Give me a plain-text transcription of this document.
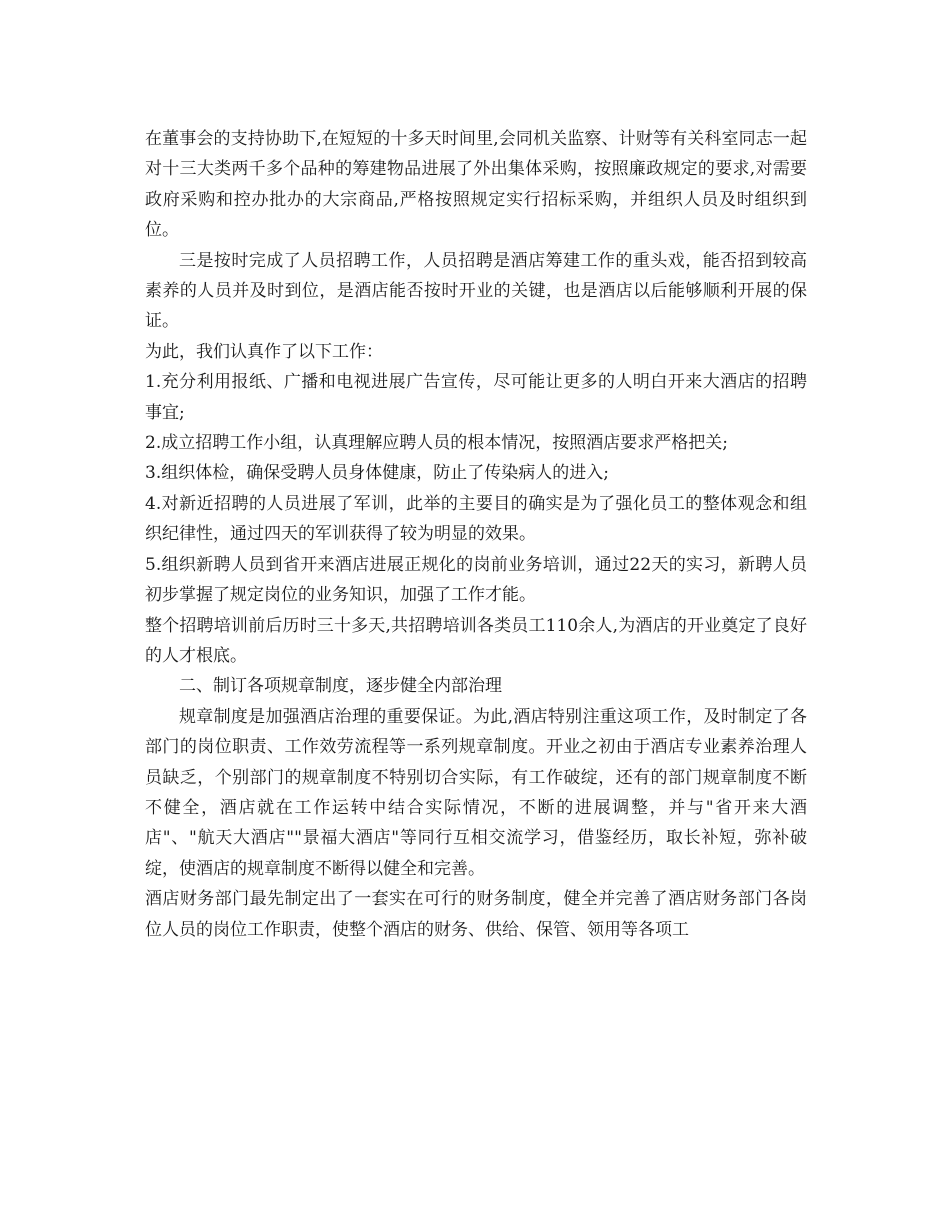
在董事会的支持协助下,在短短的十多天时间里,会同机关监察、计财等有关科室同志一起对十三大类两千多个品种的筹建物品进展了外出集体采购，按照廉政规定的要求,对需要政府采购和控办批办的大宗商品,严格按照规定实行招标采购，并组织人员及时组织到位。

三是按时完成了人员招聘工作，人员招聘是酒店筹建工作的重头戏，能否招到较高素养的人员并及时到位，是酒店能否按时开业的关键，也是酒店以后能够顺利开展的保证。

为此，我们认真作了以下工作：

1.充分利用报纸、广播和电视进展广告宣传，尽可能让更多的人明白开来大酒店的招聘事宜;

2.成立招聘工作小组，认真理解应聘人员的根本情况，按照酒店要求严格把关;

3.组织体检，确保受聘人员身体健康，防止了传染病人的进入;

4.对新近招聘的人员进展了军训，此举的主要目的确实是为了强化员工的整体观念和组织纪律性，通过四天的军训获得了较为明显的效果。

5.组织新聘人员到省开来酒店进展正规化的岗前业务培训，通过22天的实习，新聘人员初步掌握了规定岗位的业务知识，加强了工作才能。

整个招聘培训前后历时三十多天,共招聘培训各类员工110余人,为酒店的开业奠定了良好的人才根底。

二、制订各项规章制度，逐步健全内部治理

规章制度是加强酒店治理的重要保证。为此,酒店特别注重这项工作，及时制定了各部门的岗位职责、工作效劳流程等一系列规章制度。开业之初由于酒店专业素养治理人员缺乏，个别部门的规章制度不特别切合实际，有工作破绽，还有的部门规章制度不断不健全，酒店就在工作运转中结合实际情况，不断的进展调整，并与"省开来大酒店"、"航天大酒店""景福大酒店"等同行互相交流学习，借鉴经历，取长补短，弥补破绽，使酒店的规章制度不断得以健全和完善。

酒店财务部门最先制定出了一套实在可行的财务制度，健全并完善了酒店财务部门各岗位人员的岗位工作职责，使整个酒店的财务、供给、保管、领用等各项工
